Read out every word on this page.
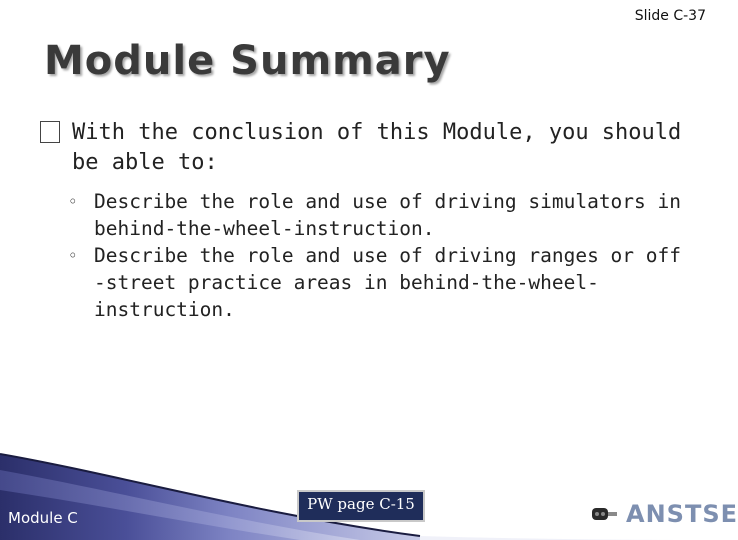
Slide C-37
Module Summary
With the conclusion of this Module, you should be able to:
◦ Describe the role and use of driving simulators in behind-the-wheel-instruction.
◦ Describe the role and use of driving ranges or off -street practice areas in behind-the-wheel- instruction.
Module C
PW page C-15	ANSTSE
